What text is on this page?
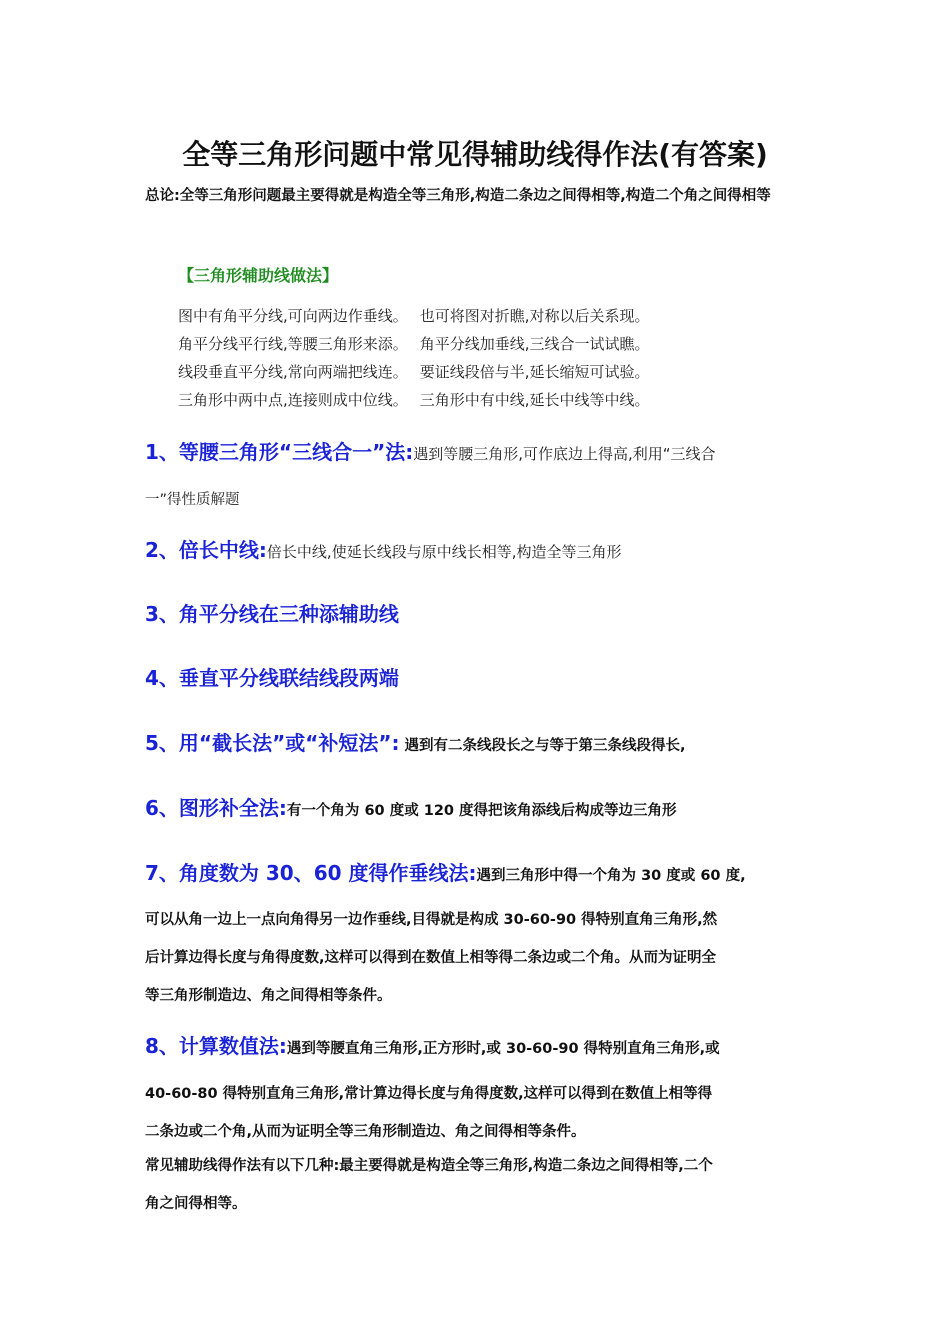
全等三角形问题中常见得辅助线得作法(有答案)
总论:全等三角形问题最主要得就是构造全等三角形,构造二条边之间得相等,构造二个角之间得相等
【三角形辅助线做法】
图中有角平分线,可向两边作垂线。 也可将图对折瞧,对称以后关系现。
角平分线平行线,等腰三角形来添。 角平分线加垂线,三线合一试试瞧。
线段垂直平分线,常向两端把线连。 要证线段倍与半,延长缩短可试验。
三角形中两中点,连接则成中位线。 三角形中有中线,延长中线等中线。
1、等腰三角形“三线合一”法:遇到等腰三角形,可作底边上得高,利用“三线合
一”得性质解题
2、倍长中线:倍长中线,使延长线段与原中线长相等,构造全等三角形
3、角平分线在三种添辅助线
4、垂直平分线联结线段两端
5、用“截长法”或“补短法”: 遇到有二条线段长之与等于第三条线段得长,
6、图形补全法:有一个角为 60 度或 120 度得把该角添线后构成等边三角形
7、角度数为 30、60 度得作垂线法:遇到三角形中得一个角为 30 度或 60 度,
可以从角一边上一点向角得另一边作垂线,目得就是构成 30-60-90 得特别直角三角形,然
后计算边得长度与角得度数,这样可以得到在数值上相等得二条边或二个角。从而为证明全
等三角形制造边、角之间得相等条件。
8、计算数值法:遇到等腰直角三角形,正方形时,或 30-60-90 得特别直角三角形,或
40-60-80 得特别直角三角形,常计算边得长度与角得度数,这样可以得到在数值上相等得
二条边或二个角,从而为证明全等三角形制造边、角之间得相等条件。
常见辅助线得作法有以下几种:最主要得就是构造全等三角形,构造二条边之间得相等,二个
角之间得相等。
